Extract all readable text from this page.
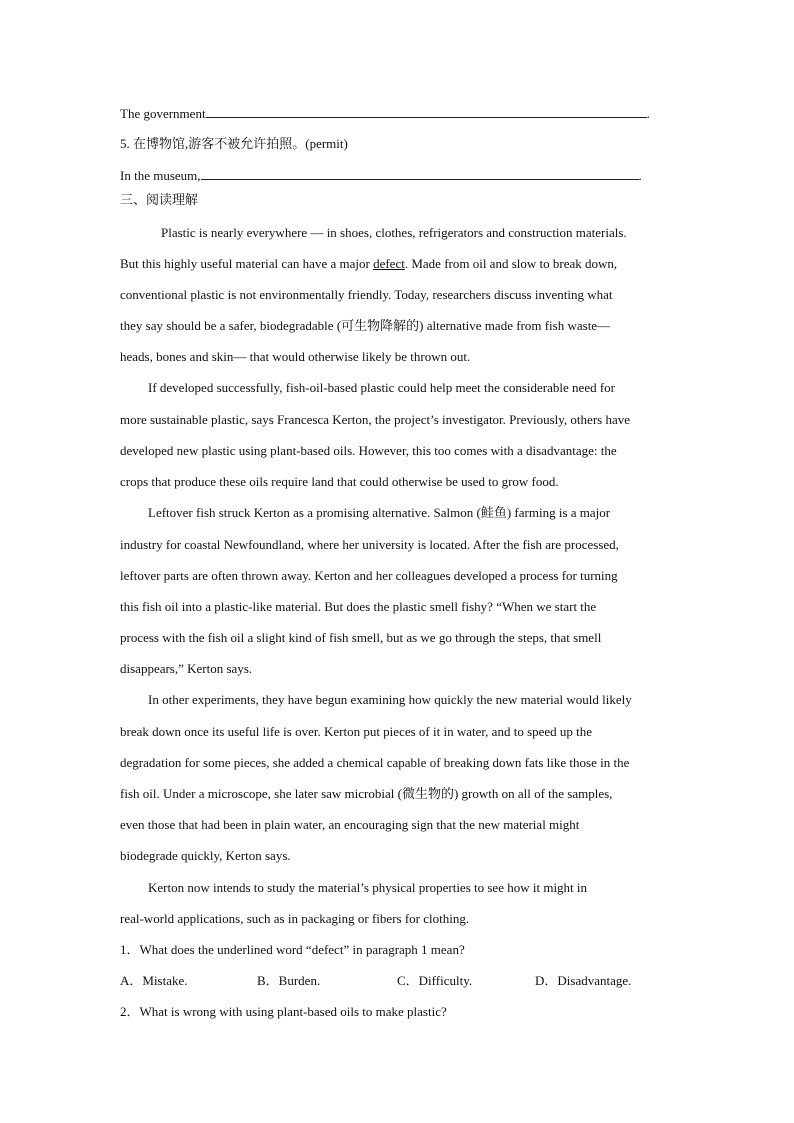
The government	.
5. 在博物馆,游客不被允许拍照。(permit)
In the museum,	.
三、阅读理解
Plastic is nearly everywhere — in shoes, clothes, refrigerators and construction materials.
But this highly useful material can have a major defect. Made from oil and slow to break down,
conventional plastic is not environmentally friendly. Today, researchers discuss inventing what
they say should be a safer, biodegradable (可生物降解的) alternative made from fish waste—
heads, bones and skin— that would otherwise likely be thrown out.
If developed successfully, fish-oil-based plastic could help meet the considerable need for
more sustainable plastic, says Francesca Kerton, the project’s investigator. Previously, others have
developed new plastic using plant-based oils. However, this too comes with a disadvantage: the
crops that produce these oils require land that could otherwise be used to grow food.
Leftover fish struck Kerton as a promising alternative. Salmon (鲑鱼) farming is a major
industry for coastal Newfoundland, where her university is located. After the fish are processed,
leftover parts are often thrown away. Kerton and her colleagues developed a process for turning
this fish oil into a plastic-like material. But does the plastic smell fishy? “When we start the
process with the fish oil a slight kind of fish smell, but as we go through the steps, that smell
disappears,” Kerton says.
In other experiments, they have begun examining how quickly the new material would likely
break down once its useful life is over. Kerton put pieces of it in water, and to speed up the
degradation for some pieces, she added a chemical capable of breaking down fats like those in the
fish oil. Under a microscope, she later saw microbial (微生物的) growth on all of the samples,
even those that had been in plain water, an encouraging sign that the new material might
biodegrade quickly, Kerton says.
Kerton now intends to study the material’s physical properties to see how it might in
real-world applications, such as in packaging or fibers for clothing.
1．What does the underlined word “defect” in paragraph 1 mean?
A．Mistake.	B．Burden.	C．Difficulty.	D．Disadvantage.
2．What is wrong with using plant-based oils to make plastic?
